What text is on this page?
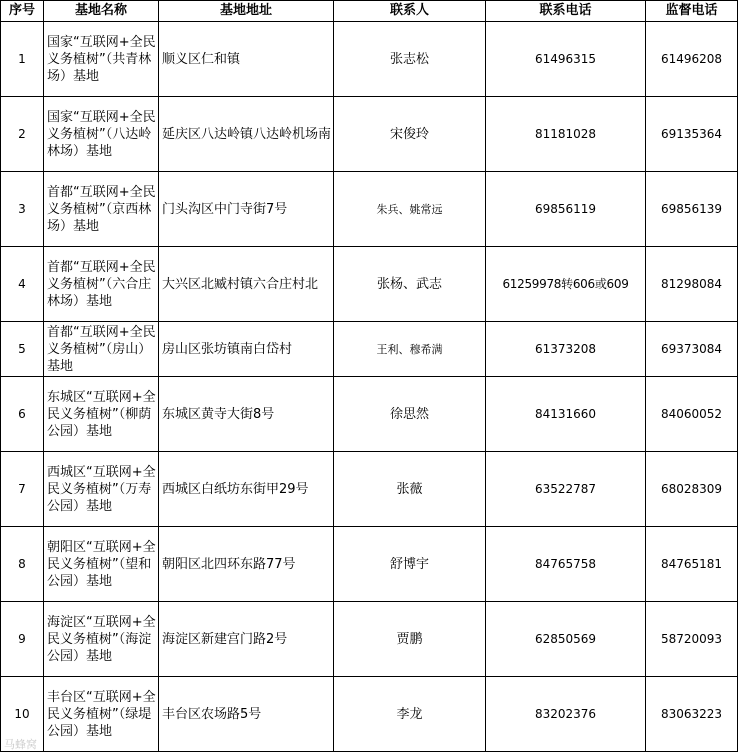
序号	基地名称	基地地址	联系人	联系电话	监督电话
1	国家“互联网+全民义务植树”（共青林场）基地	顺义区仁和镇	张志松	61496315	61496208
2	国家“互联网+全民义务植树”（八达岭林场）基地	延庆区八达岭镇八达岭机场南	宋俊玲	81181028	69135364
3	首都“互联网+全民义务植树”（京西林场）基地	门头沟区中门寺街7号	朱兵、姚常远	69856119	69856139
4	首都“互联网+全民义务植树”（六合庄林场）基地	大兴区北臧村镇六合庄村北	张杨、武志	61259978转606或609	81298084
5	首都“互联网+全民义务植树”（房山）基地	房山区张坊镇南白岱村	王利、穆希满	61373208	69373084
6	东城区“互联网+全民义务植树”（柳荫公园）基地	东城区黄寺大街8号	徐思然	84131660	84060052
7	西城区“互联网+全民义务植树”（万寿公园）基地	西城区白纸坊东街甲29号	张薇	63522787	68028309
8	朝阳区“互联网+全民义务植树”（望和公园）基地	朝阳区北四环东路77号	舒博宇	84765758	84765181
9	海淀区“互联网+全民义务植树”（海淀公园）基地	海淀区新建宫门路2号	贾鹏	62850569	58720093
10	丰台区“互联网+全民义务植树”（绿堤公园）基地	丰台区农场路5号	李龙	83202376	83063223
马蜂窝
